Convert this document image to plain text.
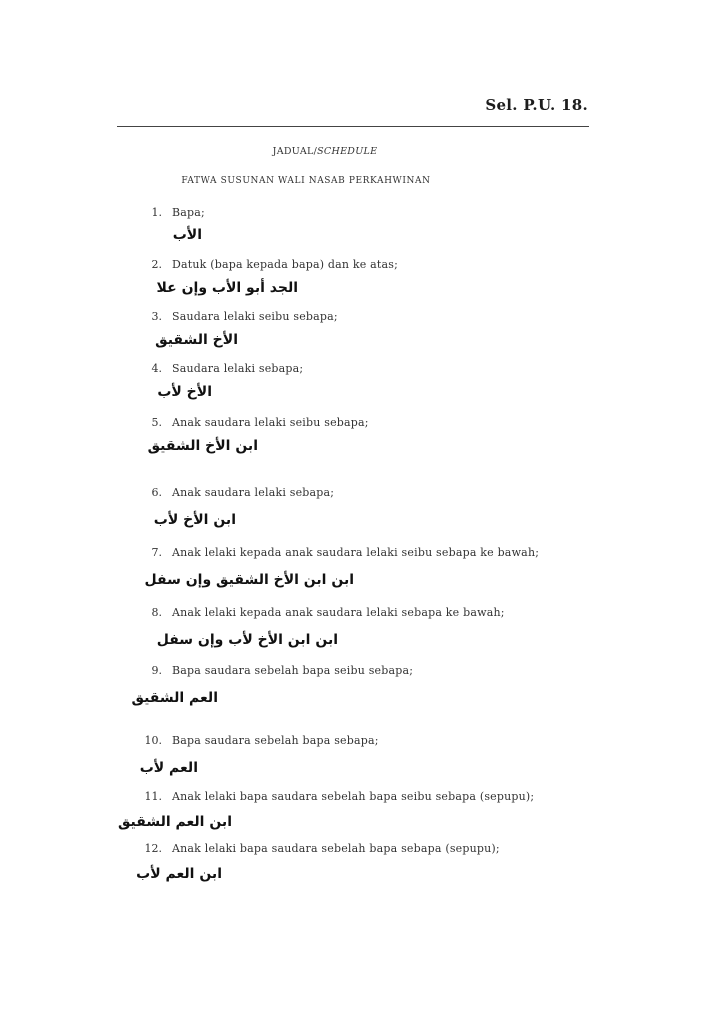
Sel. P.U. 18.
JADUAL/SCHEDULE
FATWA SUSUNAN WALI NASAB PERKAHWINAN
1. Bapa;
الأب
2. Datuk (bapa kepada bapa) dan ke atas;
الجد أبو الأب وإن علا
3. Saudara lelaki seibu sebapa;
الأخ الشقيق
4. Saudara lelaki sebapa;
الأخ لأب
5. Anak saudara lelaki seibu sebapa;
ابن الأخ الشقيق
6. Anak saudara lelaki sebapa;
ابن الأخ لأب
7. Anak lelaki kepada anak saudara lelaki seibu sebapa ke bawah;
ابن ابن الأخ الشقيق وإن سفل
8. Anak lelaki kepada anak saudara lelaki sebapa ke bawah;
ابن ابن الأخ لأب وإن سفل
9. Bapa saudara sebelah bapa seibu sebapa;
العم الشقيق
10. Bapa saudara sebelah bapa sebapa;
العم لأب
11. Anak lelaki bapa saudara sebelah bapa seibu sebapa (sepupu);
ابن العم الشقيق
12. Anak lelaki bapa saudara sebelah bapa sebapa (sepupu);
ابن العم لأب
